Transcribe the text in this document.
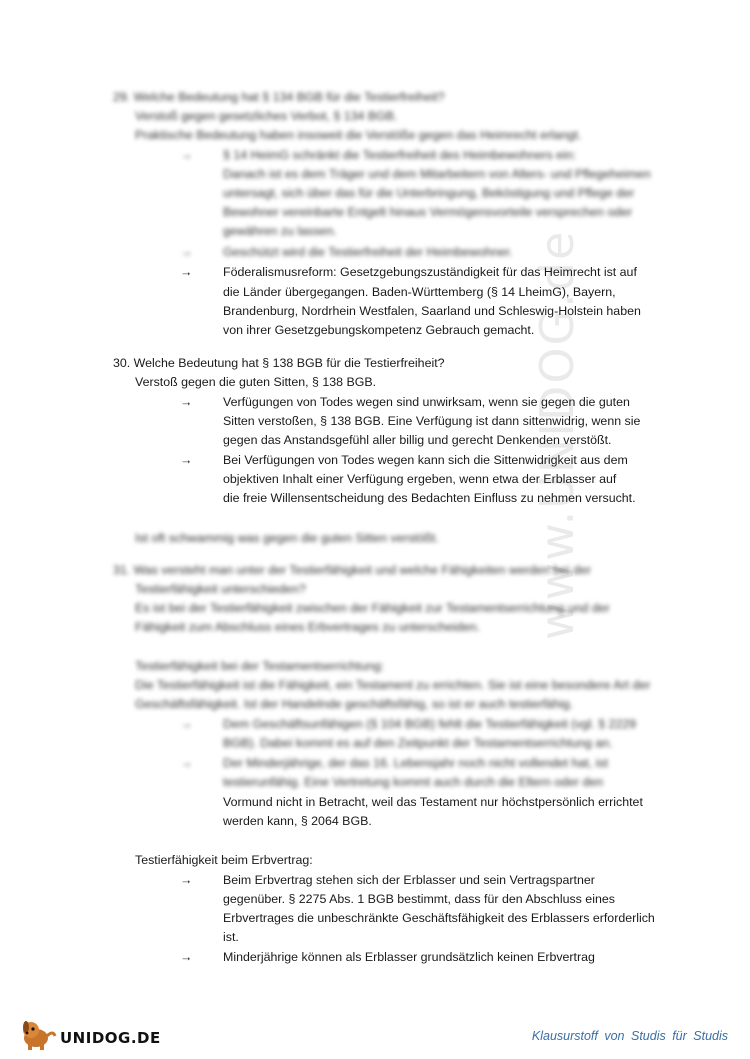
www.UNIDOG.de
29. Welche Bedeutung hat § 134 BGB für die Testierfreiheit?
Verstoß gegen gesetzliches Verbot, § 134 BGB.
Praktische Bedeutung haben insoweit die Verstöße gegen das Heimrecht erlangt.
→ § 14 HeimG schränkt die Testierfreiheit des Heimbewohners ein:
Danach ist es dem Träger und dem Mitarbeitern von Alters- und Pflegeheimen
untersagt, sich über das für die Unterbringung, Beköstigung und Pflege der
Bewohner vereinbarte Entgelt hinaus Vermögensvorteile versprechen oder
gewähren zu lassen.
→ Geschützt wird die Testierfreiheit der Heimbewohner.
→ Föderalismusreform: Gesetzgebungszuständigkeit für das Heimrecht ist auf
die Länder übergegangen. Baden-Württemberg (§ 14 LheimG), Bayern,
Brandenburg, Nordrhein Westfalen, Saarland und Schleswig-Holstein haben
von ihrer Gesetzgebungskompetenz Gebrauch gemacht.
30. Welche Bedeutung hat § 138 BGB für die Testierfreiheit?
Verstoß gegen die guten Sitten, § 138 BGB.
→ Verfügungen von Todes wegen sind unwirksam, wenn sie gegen die guten
Sitten verstoßen, § 138 BGB. Eine Verfügung ist dann sittenwidrig, wenn sie
gegen das Anstandsgefühl aller billig und gerecht Denkenden verstößt.
→ Bei Verfügungen von Todes wegen kann sich die Sittenwidrigkeit aus dem
objektiven Inhalt einer Verfügung ergeben, wenn etwa der Erblasser auf
die freie Willensentscheidung des Bedachten Einfluss zu nehmen versucht.
Ist oft schwammig was gegen die guten Sitten verstößt.
31. Was versteht man unter der Testierfähigkeit und welche Fähigkeiten werden bei der
Testierfähigkeit unterschieden?
Es ist bei der Testierfähigkeit zwischen der Fähigkeit zur Testamentserrichtung und der
Fähigkeit zum Abschluss eines Erbvertrages zu unterscheiden.
Testierfähigkeit bei der Testamentserrichtung:
Die Testierfähigkeit ist die Fähigkeit, ein Testament zu errichten. Sie ist eine besondere Art der
Geschäftsfähigkeit. Ist der Handelnde geschäftsfähig, so ist er auch testierfähig.
→ Dem Geschäftsunfähigen (§ 104 BGB) fehlt die Testierfähigkeit (vgl. § 2229
BGB). Dabei kommt es auf den Zeitpunkt der Testamentserrichtung an.
→ Der Minderjährige, der das 16. Lebensjahr noch nicht vollendet hat, ist
testierunfähig. Eine Vertretung kommt auch durch die Eltern oder den
Vormund nicht in Betracht, weil das Testament nur höchstpersönlich errichtet
werden kann, § 2064 BGB.
Testierfähigkeit beim Erbvertrag:
→ Beim Erbvertrag stehen sich der Erblasser und sein Vertragspartner
gegenüber. § 2275 Abs. 1 BGB bestimmt, dass für den Abschluss eines
Erbvertrages die unbeschränkte Geschäftsfähigkeit des Erblassers erforderlich
ist.
→ Minderjährige können als Erblasser grundsätzlich keinen Erbvertrag
UNIDOG.DE	Klausurstoff von Studis für Studis
